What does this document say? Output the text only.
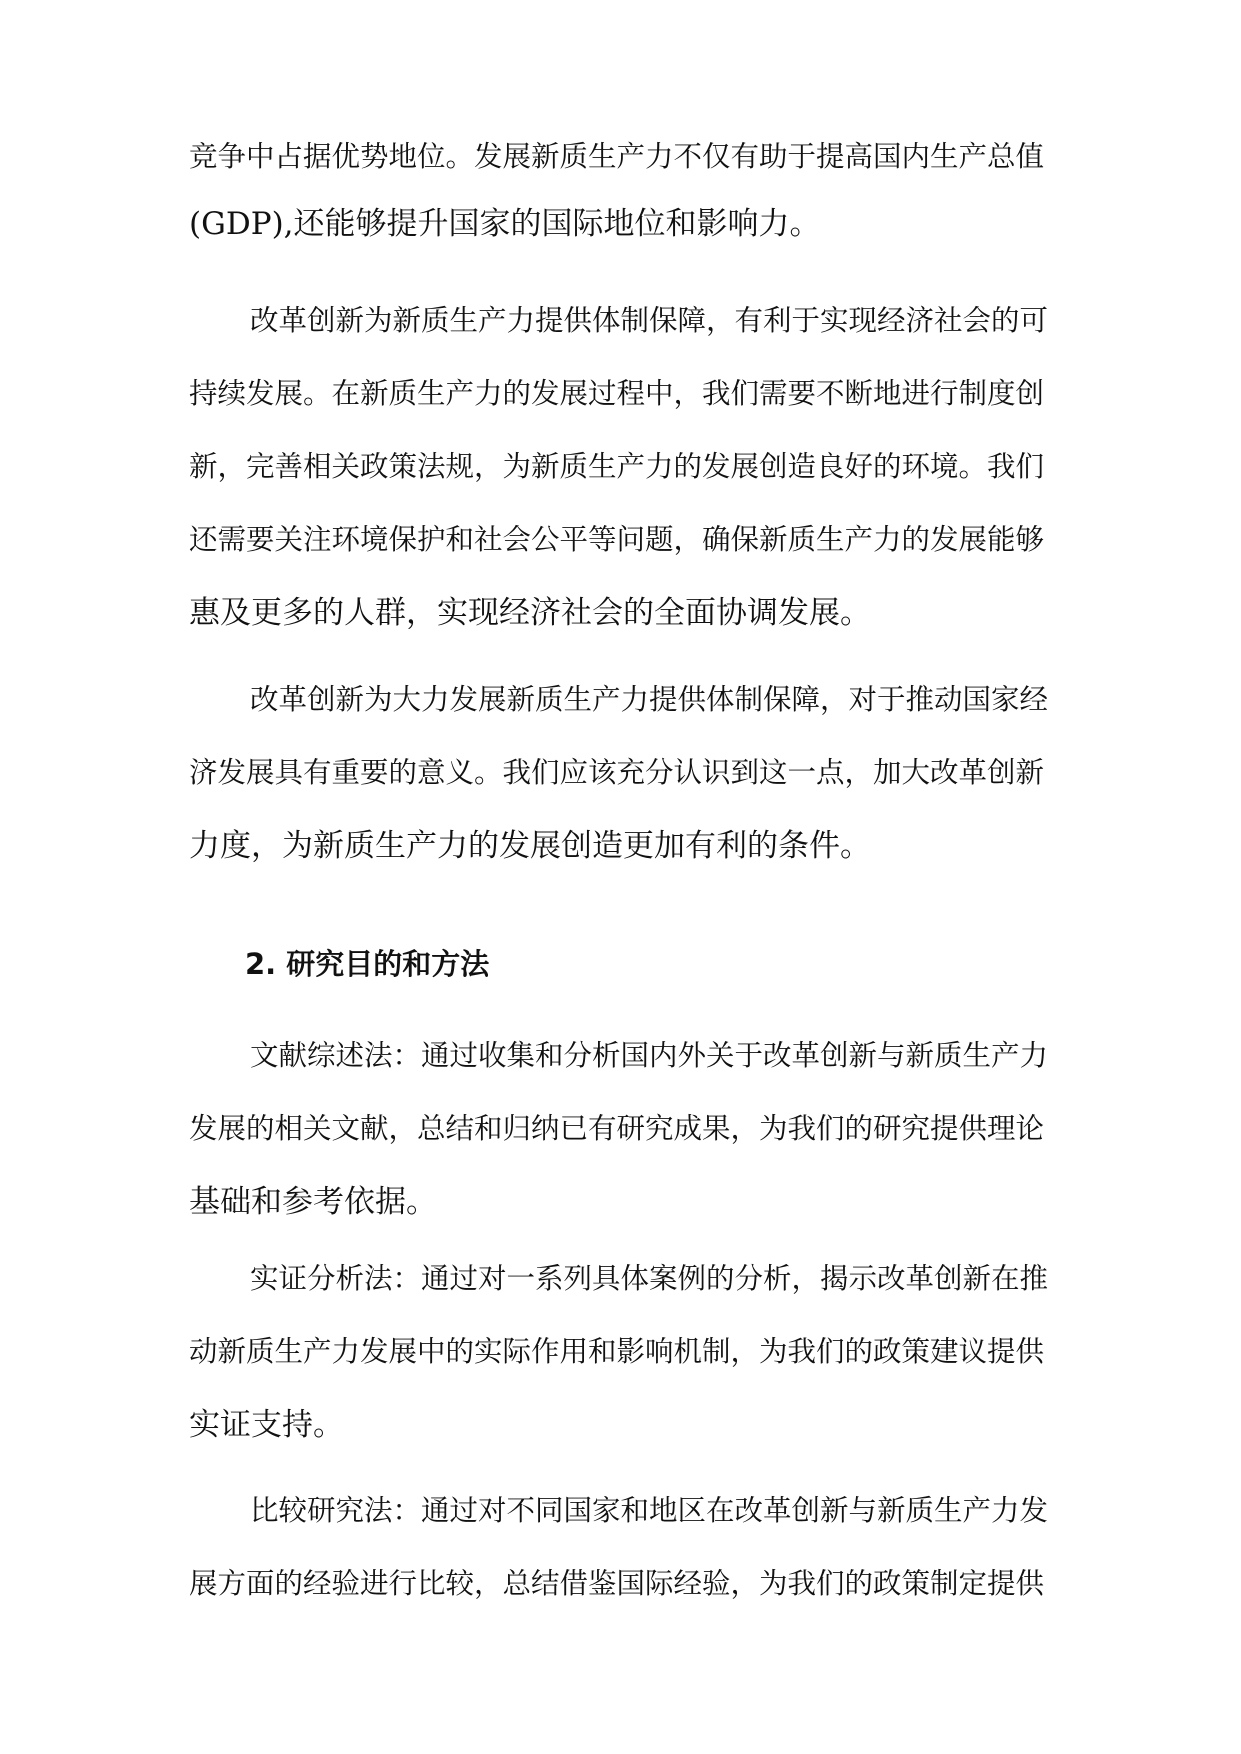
竞争中占据优势地位。发展新质生产力不仅有助于提高国内生产总值
(GDP),还能够提升国家的国际地位和影响力。
改革创新为新质生产力提供体制保障，有利于实现经济社会的可
持续发展。在新质生产力的发展过程中，我们需要不断地进行制度创
新，完善相关政策法规，为新质生产力的发展创造良好的环境。我们
还需要关注环境保护和社会公平等问题，确保新质生产力的发展能够
惠及更多的人群，实现经济社会的全面协调发展。
改革创新为大力发展新质生产力提供体制保障，对于推动国家经
济发展具有重要的意义。我们应该充分认识到这一点，加大改革创新
力度，为新质生产力的发展创造更加有利的条件。
2. 研究目的和方法
文献综述法：通过收集和分析国内外关于改革创新与新质生产力
发展的相关文献，总结和归纳已有研究成果，为我们的研究提供理论
基础和参考依据。
实证分析法：通过对一系列具体案例的分析，揭示改革创新在推
动新质生产力发展中的实际作用和影响机制，为我们的政策建议提供
实证支持。
比较研究法：通过对不同国家和地区在改革创新与新质生产力发
展方面的经验进行比较，总结借鉴国际经验，为我们的政策制定提供
